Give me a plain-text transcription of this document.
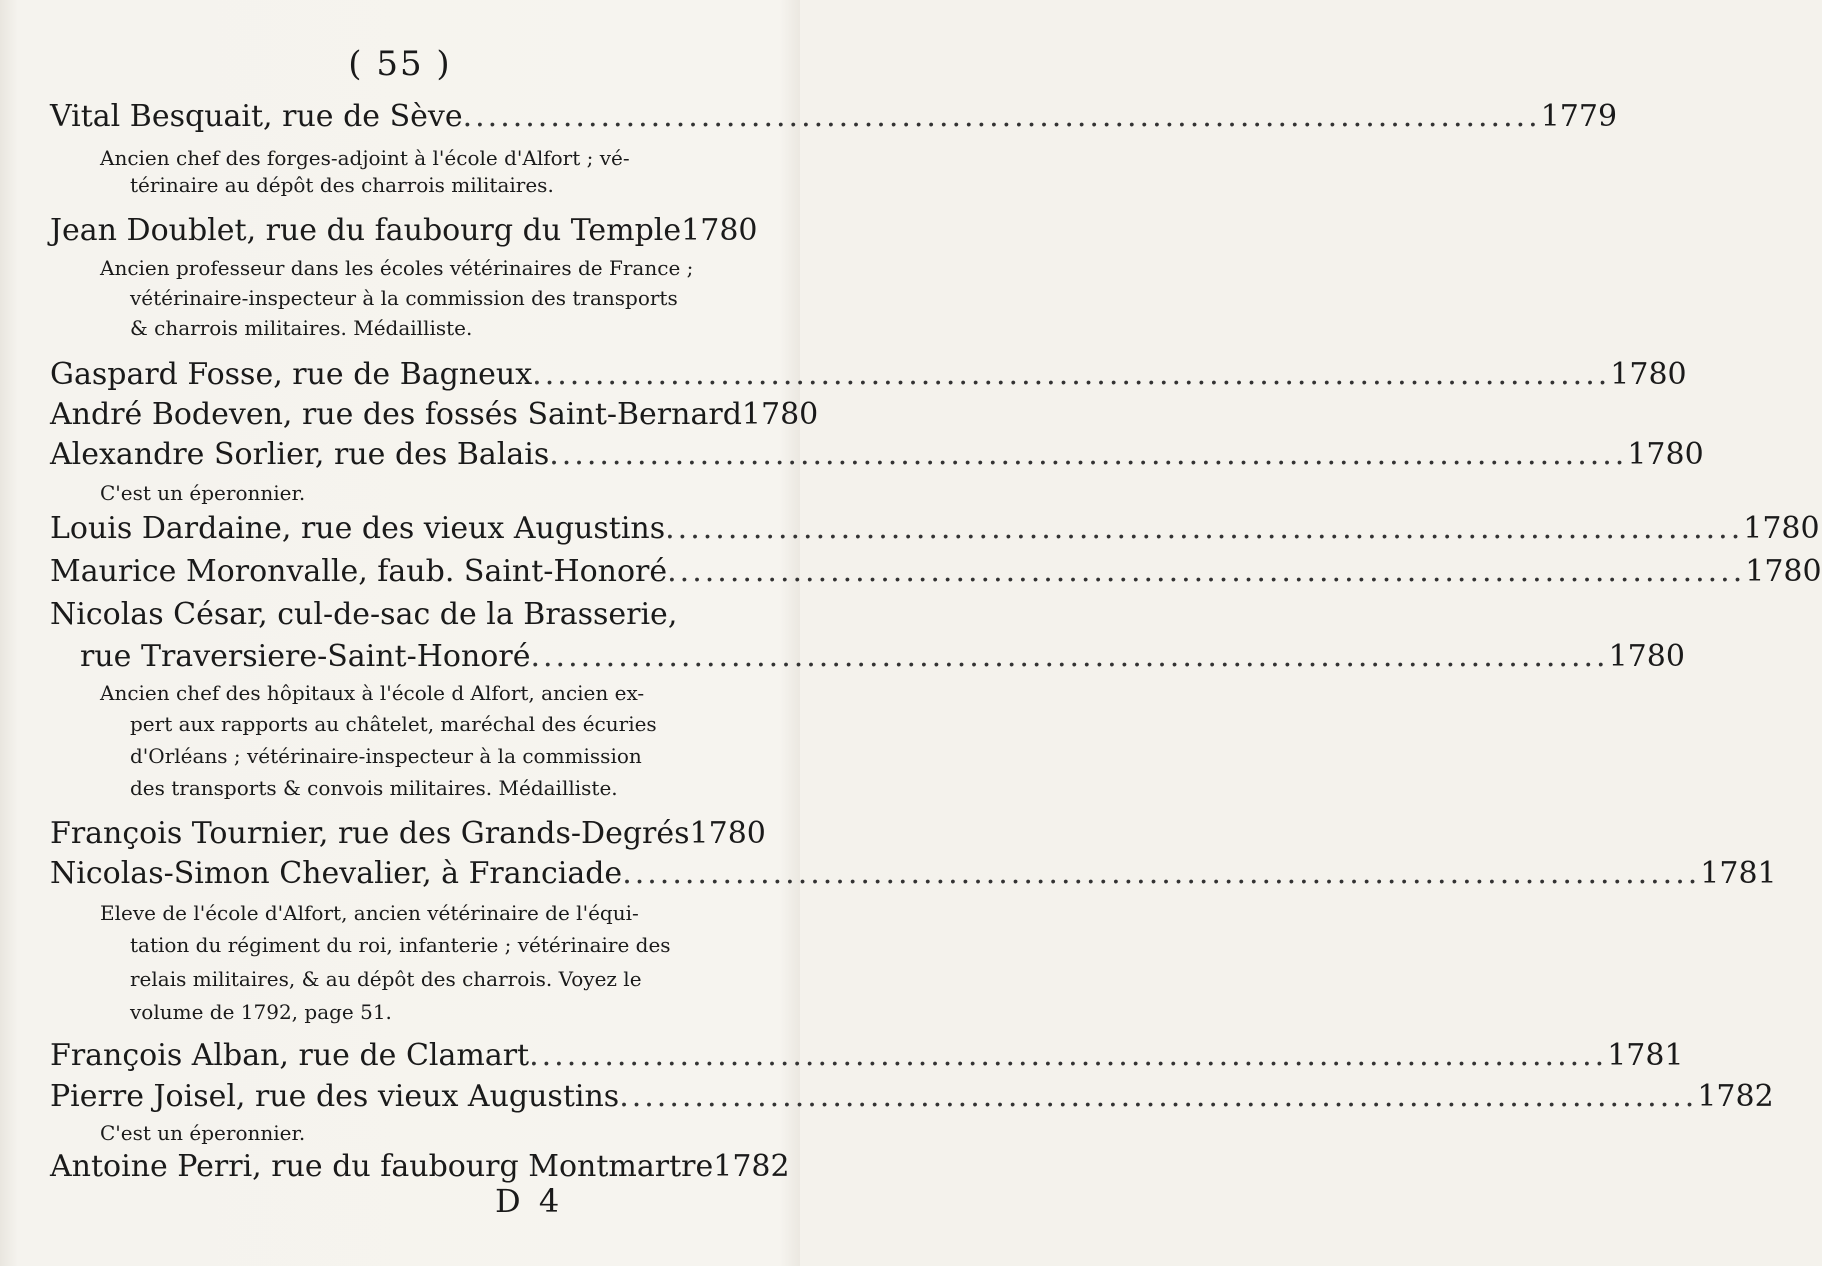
( 55 )
Vital Besquait, rue de Sève .....	1779
Ancien chef des forges-adjoint à l'école d'Alfort ; vé-
térinaire au dépôt des charrois militaires.
Jean Doublet, rue du faubourg du Temple 1780
Ancien professeur dans les écoles vétérinaires de France ;
vétérinaire-inspecteur à la commission des transports
& charrois militaires. Médailliste.
Gaspard Fosse, rue de Bagneux .....	1780
André Bodeven, rue des fossés Saint-Bernard 1780
Alexandre Sorlier, rue des Balais .....	1780
C'est un éperonnier.
Louis Dardaine, rue des vieux Augustins .....	1780
Maurice Moronvalle, faub. Saint-Honoré .....	1780
Nicolas César, cul-de-sac de la Brasserie,
rue Traversiere-Saint-Honoré .....	1780
Ancien chef des hôpitaux à l'école d Alfort, ancien ex-
pert aux rapports au châtelet, maréchal des écuries
d'Orléans ; vétérinaire-inspecteur à la commission
des transports & convois militaires. Médailliste.
François Tournier, rue des Grands-Degrés 1780
Nicolas-Simon Chevalier, à Franciade .....	1781
Eleve de l'école d'Alfort, ancien vétérinaire de l'équi-
tation du régiment du roi, infanterie ; vétérinaire des
relais militaires, & au dépôt des charrois. Voyez le
volume de 1792, page 51.
François Alban, rue de Clamart .....	1781
Pierre Joisel, rue des vieux Augustins .....	1782
C'est un éperonnier.
Antoine Perri, rue du faubourg Montmartre 1782
D 4
